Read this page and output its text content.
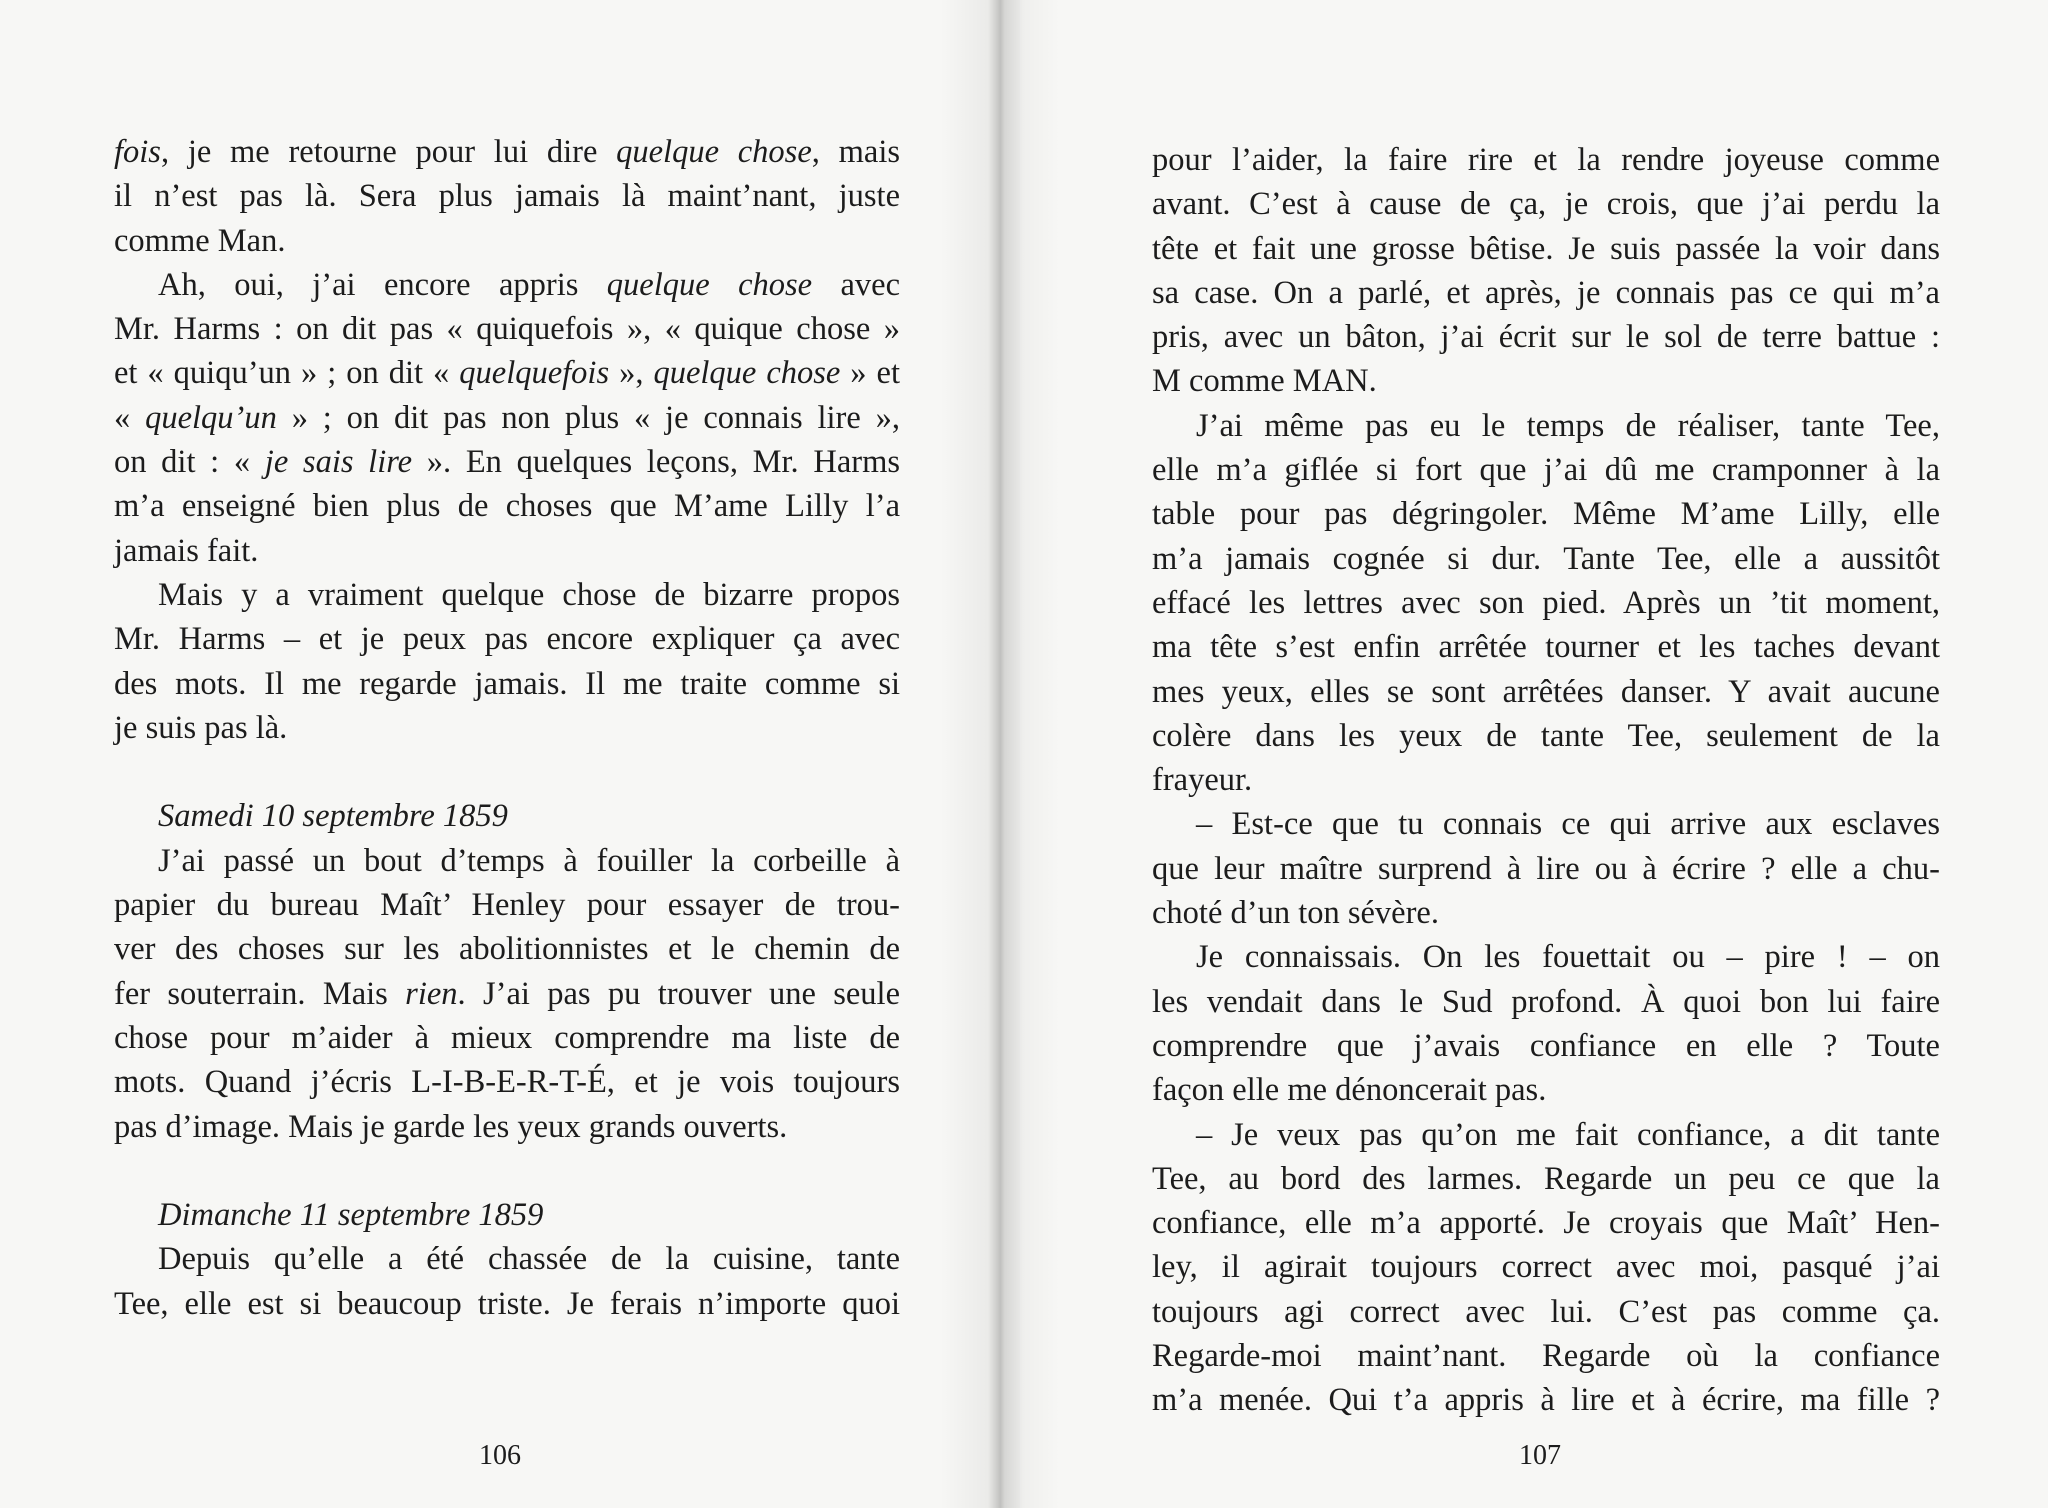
fois, je me retourne pour lui dire quelque chose, mais
il n’est pas là. Sera plus jamais là maint’nant, juste
comme Man.
Ah, oui, j’ai encore appris quelque chose avec
Mr. Harms : on dit pas « quiquefois », « quique chose »
et « quiqu’un » ; on dit « quelquefois », quelque chose » et
« quelqu’un » ; on dit pas non plus « je connais lire »,
on dit : « je sais lire ». En quelques leçons, Mr. Harms
m’a enseigné bien plus de choses que M’ame Lilly l’a
jamais fait.
Mais y a vraiment quelque chose de bizarre propos
Mr. Harms – et je peux pas encore expliquer ça avec
des mots. Il me regarde jamais. Il me traite comme si
je suis pas là.
Samedi 10 septembre 1859
J’ai passé un bout d’temps à fouiller la corbeille à
papier du bureau Maît’ Henley pour essayer de trou-
ver des choses sur les abolitionnistes et le chemin de
fer souterrain. Mais rien. J’ai pas pu trouver une seule
chose pour m’aider à mieux comprendre ma liste de
mots. Quand j’écris L-I-B-E-R-T-É, et je vois toujours
pas d’image. Mais je garde les yeux grands ouverts.
Dimanche 11 septembre 1859
Depuis qu’elle a été chassée de la cuisine, tante
Tee, elle est si beaucoup triste. Je ferais n’importe quoi
106
pour l’aider, la faire rire et la rendre joyeuse comme
avant. C’est à cause de ça, je crois, que j’ai perdu la
tête et fait une grosse bêtise. Je suis passée la voir dans
sa case. On a parlé, et après, je connais pas ce qui m’a
pris, avec un bâton, j’ai écrit sur le sol de terre battue :
M comme MAN.
J’ai même pas eu le temps de réaliser, tante Tee,
elle m’a giflée si fort que j’ai dû me cramponner à la
table pour pas dégringoler. Même M’ame Lilly, elle
m’a jamais cognée si dur. Tante Tee, elle a aussitôt
effacé les lettres avec son pied. Après un ’tit moment,
ma tête s’est enfin arrêtée tourner et les taches devant
mes yeux, elles se sont arrêtées danser. Y avait aucune
colère dans les yeux de tante Tee, seulement de la
frayeur.
– Est-ce que tu connais ce qui arrive aux esclaves
que leur maître surprend à lire ou à écrire ? elle a chu-
choté d’un ton sévère.
Je connaissais. On les fouettait ou – pire ! – on
les vendait dans le Sud profond. À quoi bon lui faire
comprendre que j’avais confiance en elle ? Toute
façon elle me dénoncerait pas.
– Je veux pas qu’on me fait confiance, a dit tante
Tee, au bord des larmes. Regarde un peu ce que la
confiance, elle m’a apporté. Je croyais que Maît’ Hen-
ley, il agirait toujours correct avec moi, pasqué j’ai
toujours agi correct avec lui. C’est pas comme ça.
Regarde-moi maint’nant. Regarde où la confiance
m’a menée. Qui t’a appris à lire et à écrire, ma fille ?
107
